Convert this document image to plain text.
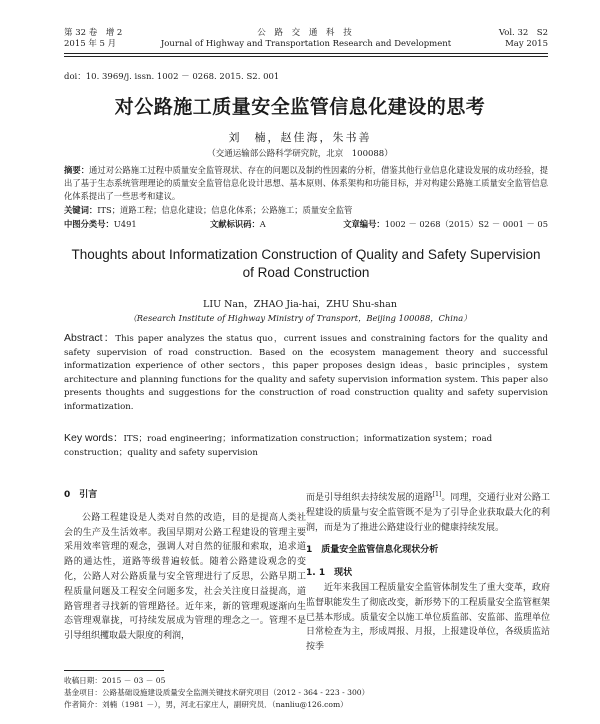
第 32 卷　增 2
2015 年 5 月
公 路 交 通 科 技
Journal of Highway and Transportation Research and Development
Vol. 32　S2
May 2015
doi：10. 3969/j. issn. 1002 － 0268. 2015. S2. 001
对公路施工质量安全监管信息化建设的思考
刘　楠，赵佳海，朱书善
（交通运输部公路科学研究院，北京　100088）
摘要：通过对公路施工过程中质量安全监管现状、存在的问题以及制约性因素的分析，借鉴其他行业信息化建设发展的成功经验，提出了基于生态系统管理理论的质量安全监管信息化设计思想、基本原则、体系架构和功能目标，并对构建公路施工质量安全监管信息化体系提出了一些思考和建议。
关键词：ITS；道路工程；信息化建设；信息化体系；公路施工；质量安全监管
中图分类号：U491	文献标识码：A	文章编号：1002 － 0268（2015）S2 － 0001 － 05
Thoughts about Informatization Construction of Quality and Safety Supervision of Road Construction
LIU Nan，ZHAO Jia-hai，ZHU Shu-shan
（Research Institute of Highway Ministry of Transport，Beijing 100088，China）
Abstract：This paper analyzes the status quo，current issues and constraining factors for the quality and safety supervision of road construction. Based on the ecosystem management theory and successful informatization experience of other sectors，this paper proposes design ideas，basic principles，system architecture and planning functions for the quality and safety supervision information system. This paper also presents thoughts and suggestions for the construction of road construction quality and safety supervision informatization.
Key words：ITS；road engineering；informatization construction；informatization system；road construction；quality and safety supervision
0　引言

公路工程建设是人类对自然的改造，目的是提高人类社会的生产及生活效率。我国早期对公路工程建设的管理主要采用效率管理的观念，强调人对自然的征服和索取，追求道路的通达性，道路等级普遍较低。随着公路建设观念的变化，公路人对公路质量与安全管理进行了反思，公路早期工程质量问题及工程安全问题多发，社会关注度日益提高，道路管理者寻找新的管理路径。近年来，新的管理观逐渐向生态管理观靠拢，可持续发展成为管理的理念之一。管理不是引导组织攫取最大限度的利润，

而是引导组织去持续发展的道路[1]。同理，交通行业对公路工程建设的质量与安全监管既不是为了引导企业获取最大化的利润，而是为了推进公路建设行业的健康持续发展。

1　质量安全监管信息化现状分析
1. 1　现状

近年来我国工程质量安全监管体制发生了重大变革，政府监督职能发生了彻底改变，新形势下的工程质量安全监管框架已基本形成。质量安全以施工单位质监部、安监部、监理单位日常检查为主，形成周报、月报，上报建设单位，各级质监站按季

收稿日期：2015 － 03 － 05
基金项目：公路基础设施建设质量安全监测关键技术研究项目（2012 - 364 - 223 - 300）
作者简介：刘楠（1981 －），男，河北石家庄人，副研究员．（nanliu@126.com）
